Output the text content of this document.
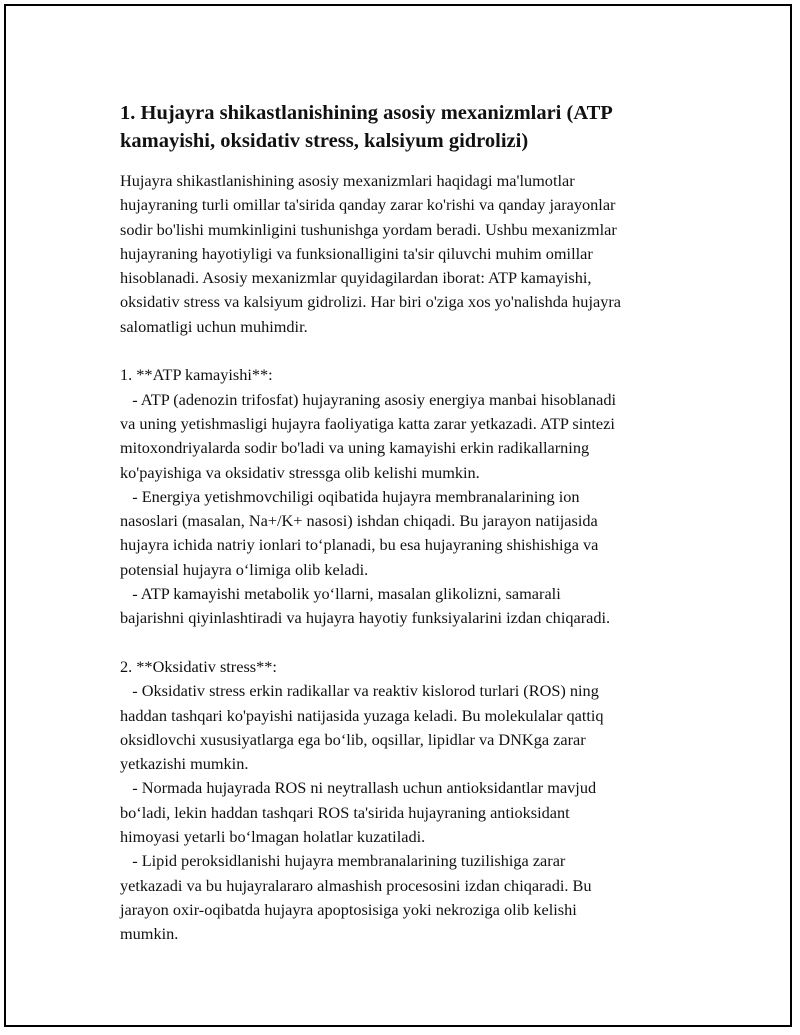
1. Hujayra shikastlanishining asosiy mexanizmlari (ATP kamayishi, oksidativ stress, kalsiyum gidrolizi)

Hujayra shikastlanishining asosiy mexanizmlari haqidagi ma'lumotlar
hujayraning turli omillar ta'sirida qanday zarar ko'rishi va qanday jarayonlar
sodir bo'lishi mumkinligini tushunishga yordam beradi. Ushbu mexanizmlar
hujayraning hayotiyligi va funksionalligini ta'sir qiluvchi muhim omillar
hisoblanadi. Asosiy mexanizmlar quyidagilardan iborat: ATP kamayishi,
oksidativ stress va kalsiyum gidrolizi. Har biri o'ziga xos yo'nalishda hujayra
salomatligi uchun muhimdir.

1. **ATP kamayishi**:
- ATP (adenozin trifosfat) hujayraning asosiy energiya manbai hisoblanadi
va uning yetishmasligi hujayra faoliyatiga katta zarar yetkazadi. ATP sintezi
mitoxondriyalarda sodir bo'ladi va uning kamayishi erkin radikallarning
ko'payishiga va oksidativ stressga olib kelishi mumkin.
- Energiya yetishmovchiligi oqibatida hujayra membranalarining ion
nasoslari (masalan, Na+/K+ nasosi) ishdan chiqadi. Bu jarayon natijasida
hujayra ichida natriy ionlari to‘planadi, bu esa hujayraning shishishiga va
potensial hujayra o‘limiga olib keladi.
- ATP kamayishi metabolik yo‘llarni, masalan glikolizni, samarali
bajarishni qiyinlashtiradi va hujayra hayotiy funksiyalarini izdan chiqaradi.

2. **Oksidativ stress**:
- Oksidativ stress erkin radikallar va reaktiv kislorod turlari (ROS) ning
haddan tashqari ko'payishi natijasida yuzaga keladi. Bu molekulalar qattiq
oksidlovchi xususiyatlarga ega bo‘lib, oqsillar, lipidlar va DNKga zarar
yetkazishi mumkin.
- Normada hujayrada ROS ni neytrallash uchun antioksidantlar mavjud
bo‘ladi, lekin haddan tashqari ROS ta'sirida hujayraning antioksidant
himoyasi yetarli bo‘lmagan holatlar kuzatiladi.
- Lipid peroksidlanishi hujayra membranalarining tuzilishiga zarar
yetkazadi va bu hujayralararo almashish procesosini izdan chiqaradi. Bu
jarayon oxir-oqibatda hujayra apoptosisiga yoki nekroziga olib kelishi
mumkin.
